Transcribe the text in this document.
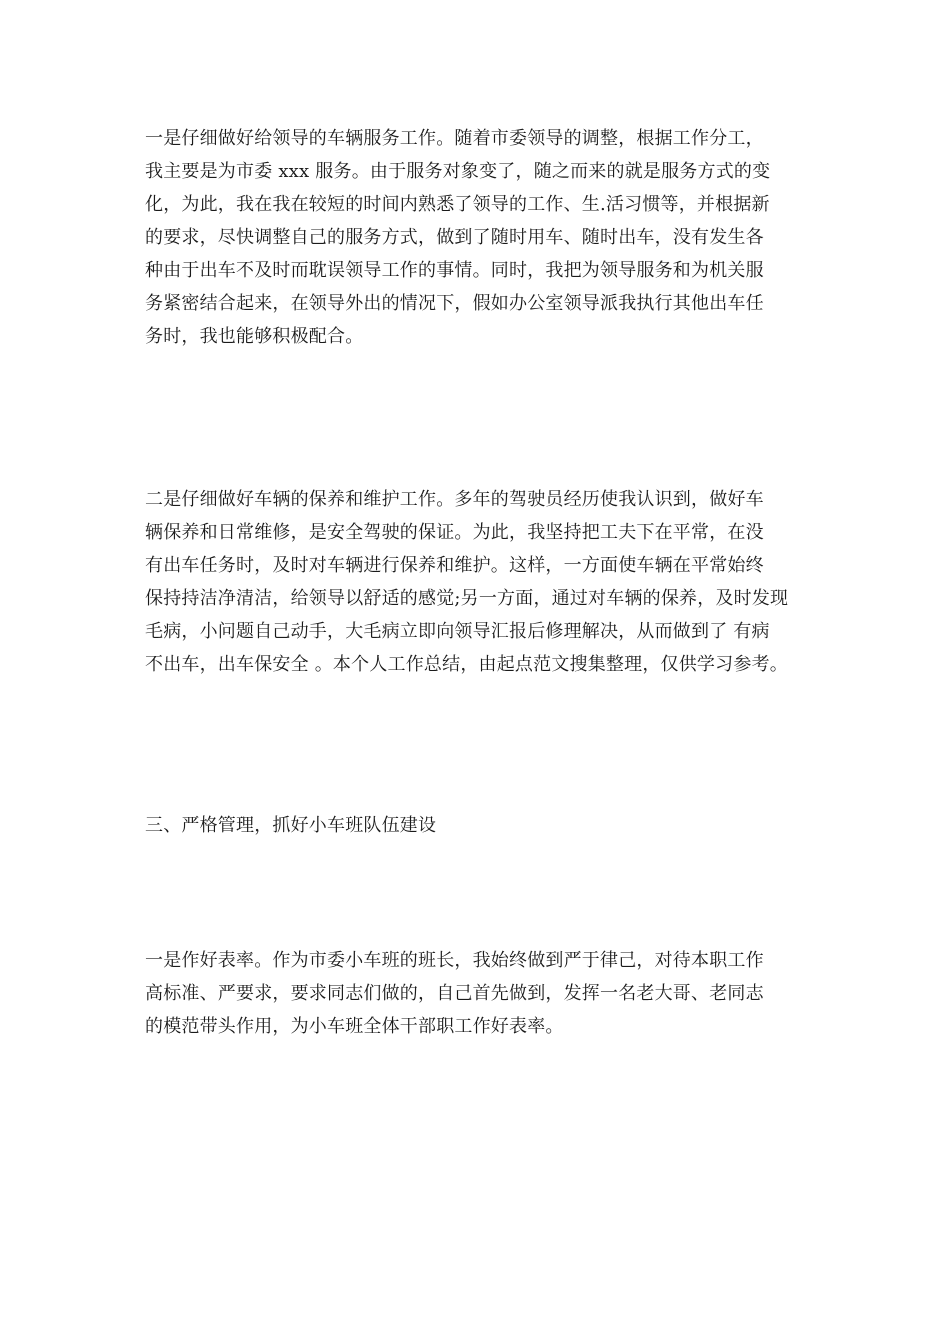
一是仔细做好给领导的车辆服务工作。随着市委领导的调整，根据工作分工，
我主要是为市委 xxx 服务。由于服务对象变了，随之而来的就是服务方式的变
化，为此，我在我在较短的时间内熟悉了领导的工作、生.活习惯等，并根据新
的要求，尽快调整自己的服务方式，做到了随时用车、随时出车，没有发生各
种由于出车不及时而耽误领导工作的事情。同时，我把为领导服务和为机关服
务紧密结合起来，在领导外出的情况下，假如办公室领导派我执行其他出车任
务时，我也能够积极配合。
二是仔细做好车辆的保养和维护工作。多年的驾驶员经历使我认识到，做好车
辆保养和日常维修，是安全驾驶的保证。为此，我坚持把工夫下在平常，在没
有出车任务时，及时对车辆进行保养和维护。这样，一方面使车辆在平常始终
保持持洁净清洁，给领导以舒适的感觉;另一方面，通过对车辆的保养，及时发现
毛病，小问题自己动手，大毛病立即向领导汇报后修理解决，从而做到了 有病
不出车，出车保安全 。本个人工作总结，由起点范文搜集整理，仅供学习参考。
三、严格管理，抓好小车班队伍建设
一是作好表率。作为市委小车班的班长，我始终做到严于律己，对待本职工作
高标准、严要求，要求同志们做的，自己首先做到，发挥一名老大哥、老同志
的模范带头作用，为小车班全体干部职工作好表率。
